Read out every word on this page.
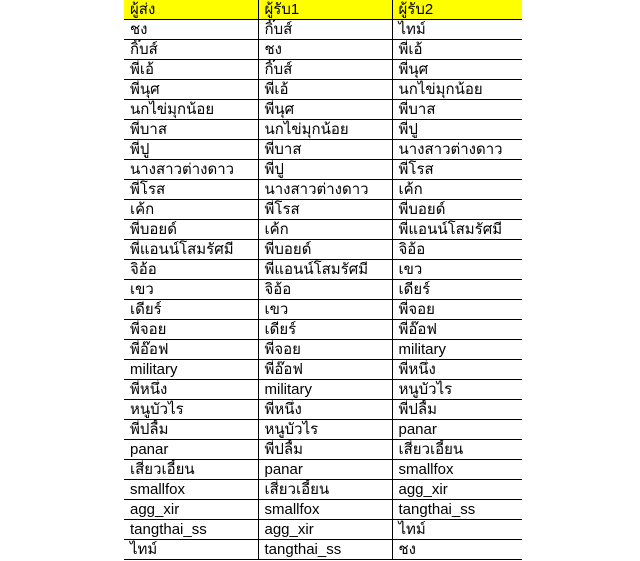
ผู้ส่ง	ผู้รับ1	ผู้รับ2
ชง	กิ๊บส์	ไทม์
กิ๊บส์	ชง	พี่เอ้
พี่เอ้	กิ๊บส์	พี่นุศ
พี่นุศ	พี่เอ้	นกไข่มุกน้อย
นกไข่มุกน้อย	พี่นุศ	พี่บาส
พี่บาส	นกไข่มุกน้อย	พี่ปู
พี่ปู	พี่บาส	นางสาวต่างดาว
นางสาวต่างดาว	พี่ปู	พี่โรส
พี่โรส	นางสาวต่างดาว	เค้ก
เค้ก	พี่โรส	พี่บอยด์
พี่บอยด์	เค้ก	พี่แอนน์โสมรัศมี
พี่แอนน์โสมรัศมี	พี่บอยด์	จิอ้อ
จิอ้อ	พี่แอนน์โสมรัศมี	เขว
เขว	จิอ้อ	เดียร์
เดียร์	เขว	พี่จอย
พี่จอย	เดียร์	พี่อ๊อฟ
พี่อ๊อฟ	พี่จอย	military
military	พี่อ๊อฟ	พี่หนึ่ง
พี่หนึ่ง	military	หนูบัวไร
หนูบัวไร	พี่หนึ่ง	พี่ปลื้ม
พี่ปลื้ม	หนูบัวไร	panar
panar	พี่ปลื้ม	เสี่ยวเอี้ยน
เสี่ยวเอี้ยน	panar	smallfox
smallfox	เสี่ยวเอี้ยน	agg_xir
agg_xir	smallfox	tangthai_ss
tangthai_ss	agg_xir	ไทม์
ไทม์	tangthai_ss	ชง
